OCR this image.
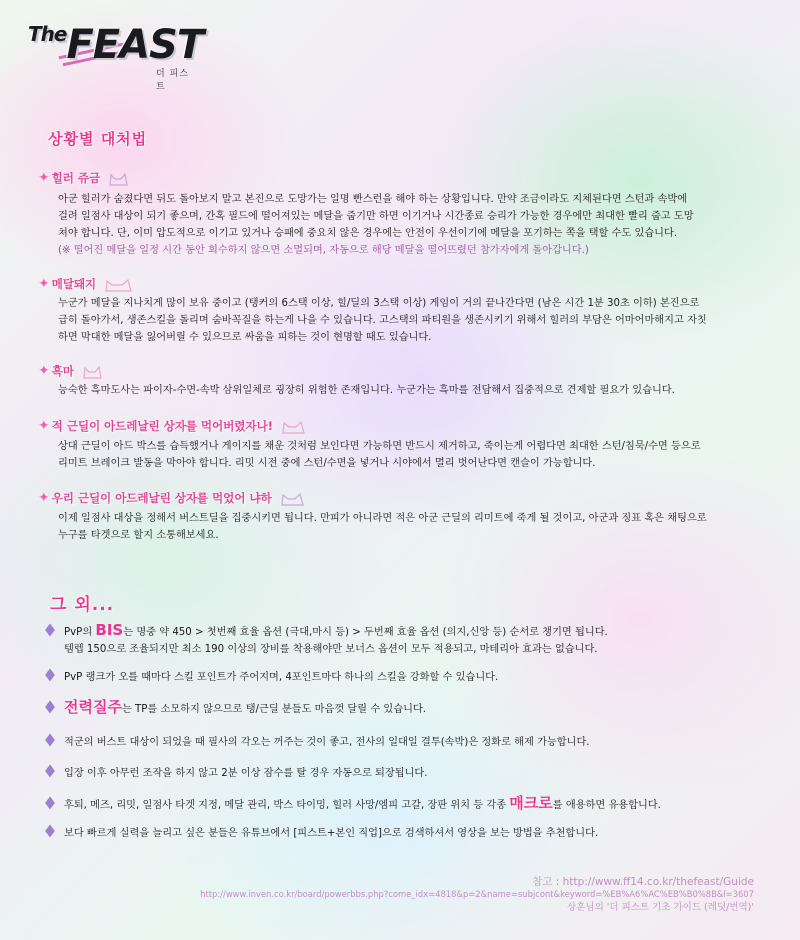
$^{The}$FEAST
더 피스트
상황별 대처법
✦ 힐러 쥬금
아군 힐러가 숨졌다면 뒤도 돌아보지 말고 본진으로 도망가는 일명 빤스런을 해야 하는 상황입니다. 만약 조금이라도 지체된다면 스턴과 속박에
걸려 일점사 대상이 되기 좋으며, 간혹 필드에 떨어져있는 메달을 줍기만 하면 이기거나 시간종료 승리가 가능한 경우에만 최대한 빨리 줍고 도망
쳐야 합니다. 단, 이미 압도적으로 이기고 있거나 승패에 중요치 않은 경우에는 안전이 우선이기에 메달을 포기하는 쪽을 택할 수도 있습니다.
(※ 떨어진 메달을 일정 시간 동안 회수하지 않으면 소멸되며, 자동으로 해당 메달을 떨어뜨렸던 참가자에게 돌아갑니다.)
✦ 메달돼지
누군가 메달을 지나치게 많이 보유 중이고 (탱커의 6스택 이상, 힐/딜의 3스택 이상) 게임이 거의 끝나간다면 (남은 시간 1분 30초 이하) 본진으로
급히 돌아가서, 생존스킬을 돌리며 숨바꼭질을 하는게 나을 수 있습니다. 고스택의 파티원을 생존시키기 위해서 힐러의 부담은 어마어마해지고 자칫
하면 막대한 메달을 잃어버릴 수 있으므로 싸움을 피하는 것이 현명할 때도 있습니다.
✦ 흑마
능숙한 흑마도사는 파이자-수면-속박 삼위일체로 굉장히 위험한 존재입니다. 누군가는 흑마를 전담해서 집중적으로 견제할 필요가 있습니다.
✦ 적 근딜이 아드레날린 상자를 먹어버렸자나!
상대 근딜이 아드 박스를 습득했거나 게이지를 채운 것처럼 보인다면 가능하면 반드시 제거하고, 죽이는게 어렵다면 최대한 스턴/침묵/수면 등으로
리미트 브레이크 발동을 막아야 합니다. 리밋 시전 중에 스턴/수면을 넣거나 시야에서 멀리 벗어난다면 캔슬이 가능합니다.
✦ 우리 근딜이 아드레날린 상자를 먹었어 냐하
이제 일점사 대상을 정해서 버스트딜을 집중시키면 됩니다. 만피가 아니라면 적은 아군 근딜의 리미트에 죽게 될 것이고, 아군과 징표 혹은 채팅으로
누구를 타겟으로 할지 소통해보세요.
그 외...
PvP의 BIS는 명중 약 450 > 첫번째 효율 옵션 (극대,마시 등) > 두번째 효율 옵션 (의지,신앙 등) 순서로 챙기면 됩니다.
템렙 150으로 조율되지만 최소 190 이상의 장비를 착용해야만 보너스 옵션이 모두 적용되고, 마테리아 효과는 없습니다.
PvP 랭크가 오를 때마다 스킬 포인트가 주어지며, 4포인트마다 하나의 스킬을 강화할 수 있습니다.
전력질주는 TP를 소모하지 않으므로 탱/근딜 분들도 마음껏 달릴 수 있습니다.
적군의 버스트 대상이 되었을 때 필사의 각오는 꺼주는 것이 좋고, 전사의 일대일 결투(속박)은 정화로 해제 가능합니다.
입장 이후 아무런 조작을 하지 않고 2분 이상 잠수를 탈 경우 자동으로 퇴장됩니다.
후퇴, 메즈, 리밋, 일점사 타겟 지정, 메달 관리, 박스 타이밍, 힐러 사망/엠피 고갈, 장판 위치 등 각종 매크로를 애용하면 유용합니다.
보다 빠르게 실력을 늘리고 싶은 분들은 유튜브에서 [피스트+본인 직업]으로 검색하셔서 영상을 보는 방법을 추천합니다.
참고 : http://www.ff14.co.kr/thefeast/Guide
http://www.inven.co.kr/board/powerbbs.php?come_idx=4818&p=2&name=subjcont&keyword=%EB%A6%AC%EB%B0%8B&l=3607
상훈님의 '더 피스트 기초 가이드 (레딧/번역)'
